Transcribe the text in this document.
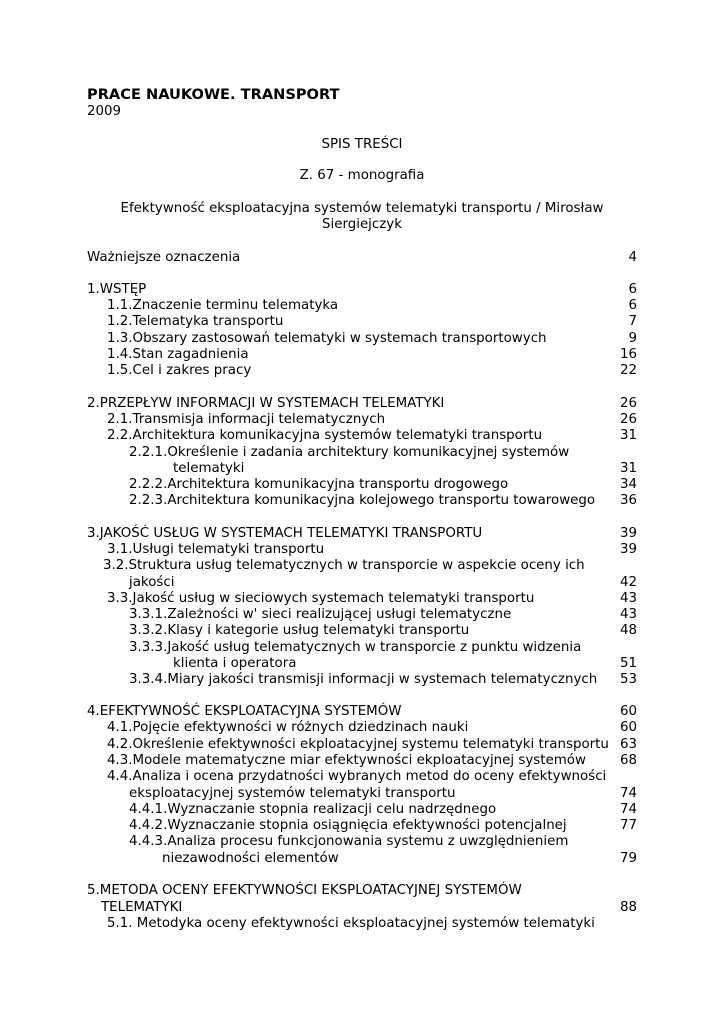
PRACE NAUKOWE. TRANSPORT
2009
SPIS TREŚCI
Z. 67 - monografia
Efektywność eksploatacyjna systemów telematyki transportu / Mirosław Siergiejczyk
Ważniejsze oznaczenia	4
1.WSTĘP	6
1.1.Znaczenie terminu telematyka	6
1.2.Telematyka transportu	7
1.3.Obszary zastosowań telematyki w systemach transportowych	9
1.4.Stan zagadnienia	16
1.5.Cel i zakres pracy	22
2.PRZEPŁYW INFORMACJI W SYSTEMACH TELEMATYKI	26
2.1.Transmisja informacji telematycznych	26
2.2.Architektura komunikacyjna systemów telematyki transportu	31
2.2.1.Określenie i zadania architektury komunikacyjnej systemów
telematyki	31
2.2.2.Architektura komunikacyjna transportu drogowego	34
2.2.3.Architektura komunikacyjna kolejowego transportu towarowego 36
3.JAKOŚĆ USŁUG W SYSTEMACH TELEMATYKI TRANSPORTU	39
3.1.Usługi telematyki transportu	39
3.2.Struktura usług telematycznych w transporcie w aspekcie oceny ich
jakości	42
3.3.Jakość usług w sieciowych systemach telematyki transportu	43
3.3.1.Zależności w' sieci realizującej usługi telematyczne	43
3.3.2.Klasy i kategorie usług telematyki transportu	48
3.3.3.Jakość usług telematycznych w transporcie z punktu widzenia
klienta i operatora	51
3.3.4.Miary jakości transmisji informacji w systemach telematycznych 53
4.EFEKTYWNOŚĆ EKSPLOATACYJNA SYSTEMÓW	60
4.1.Pojęcie efektywności w różnych dziedzinach nauki	60
4.2.Określenie efektywności ekploatacyjnej systemu telematyki transportu 63
4.3.Modele matematyczne miar efektywności ekploatacyjnej systemów	68
4.4.Analiza i ocena przydatności wybranych metod do oceny efektywności
eksploatacyjnej systemów telematyki transportu	74
4.4.1.Wyznaczanie stopnia realizacji celu nadrzędnego	74
4.4.2.Wyznaczanie stopnia osiągnięcia efektywności potencjalnej	77
4.4.3.Analiza procesu funkcjonowania systemu z uwzględnieniem
niezawodności elementów	79
5.METODA OCENY EFEKTYWNOŚCI EKSPLOATACYJNEJ SYSTEMÓW
TELEMATYKI	88
5.1. Metodyka oceny efektywności eksploatacyjnej systemów telematyki
